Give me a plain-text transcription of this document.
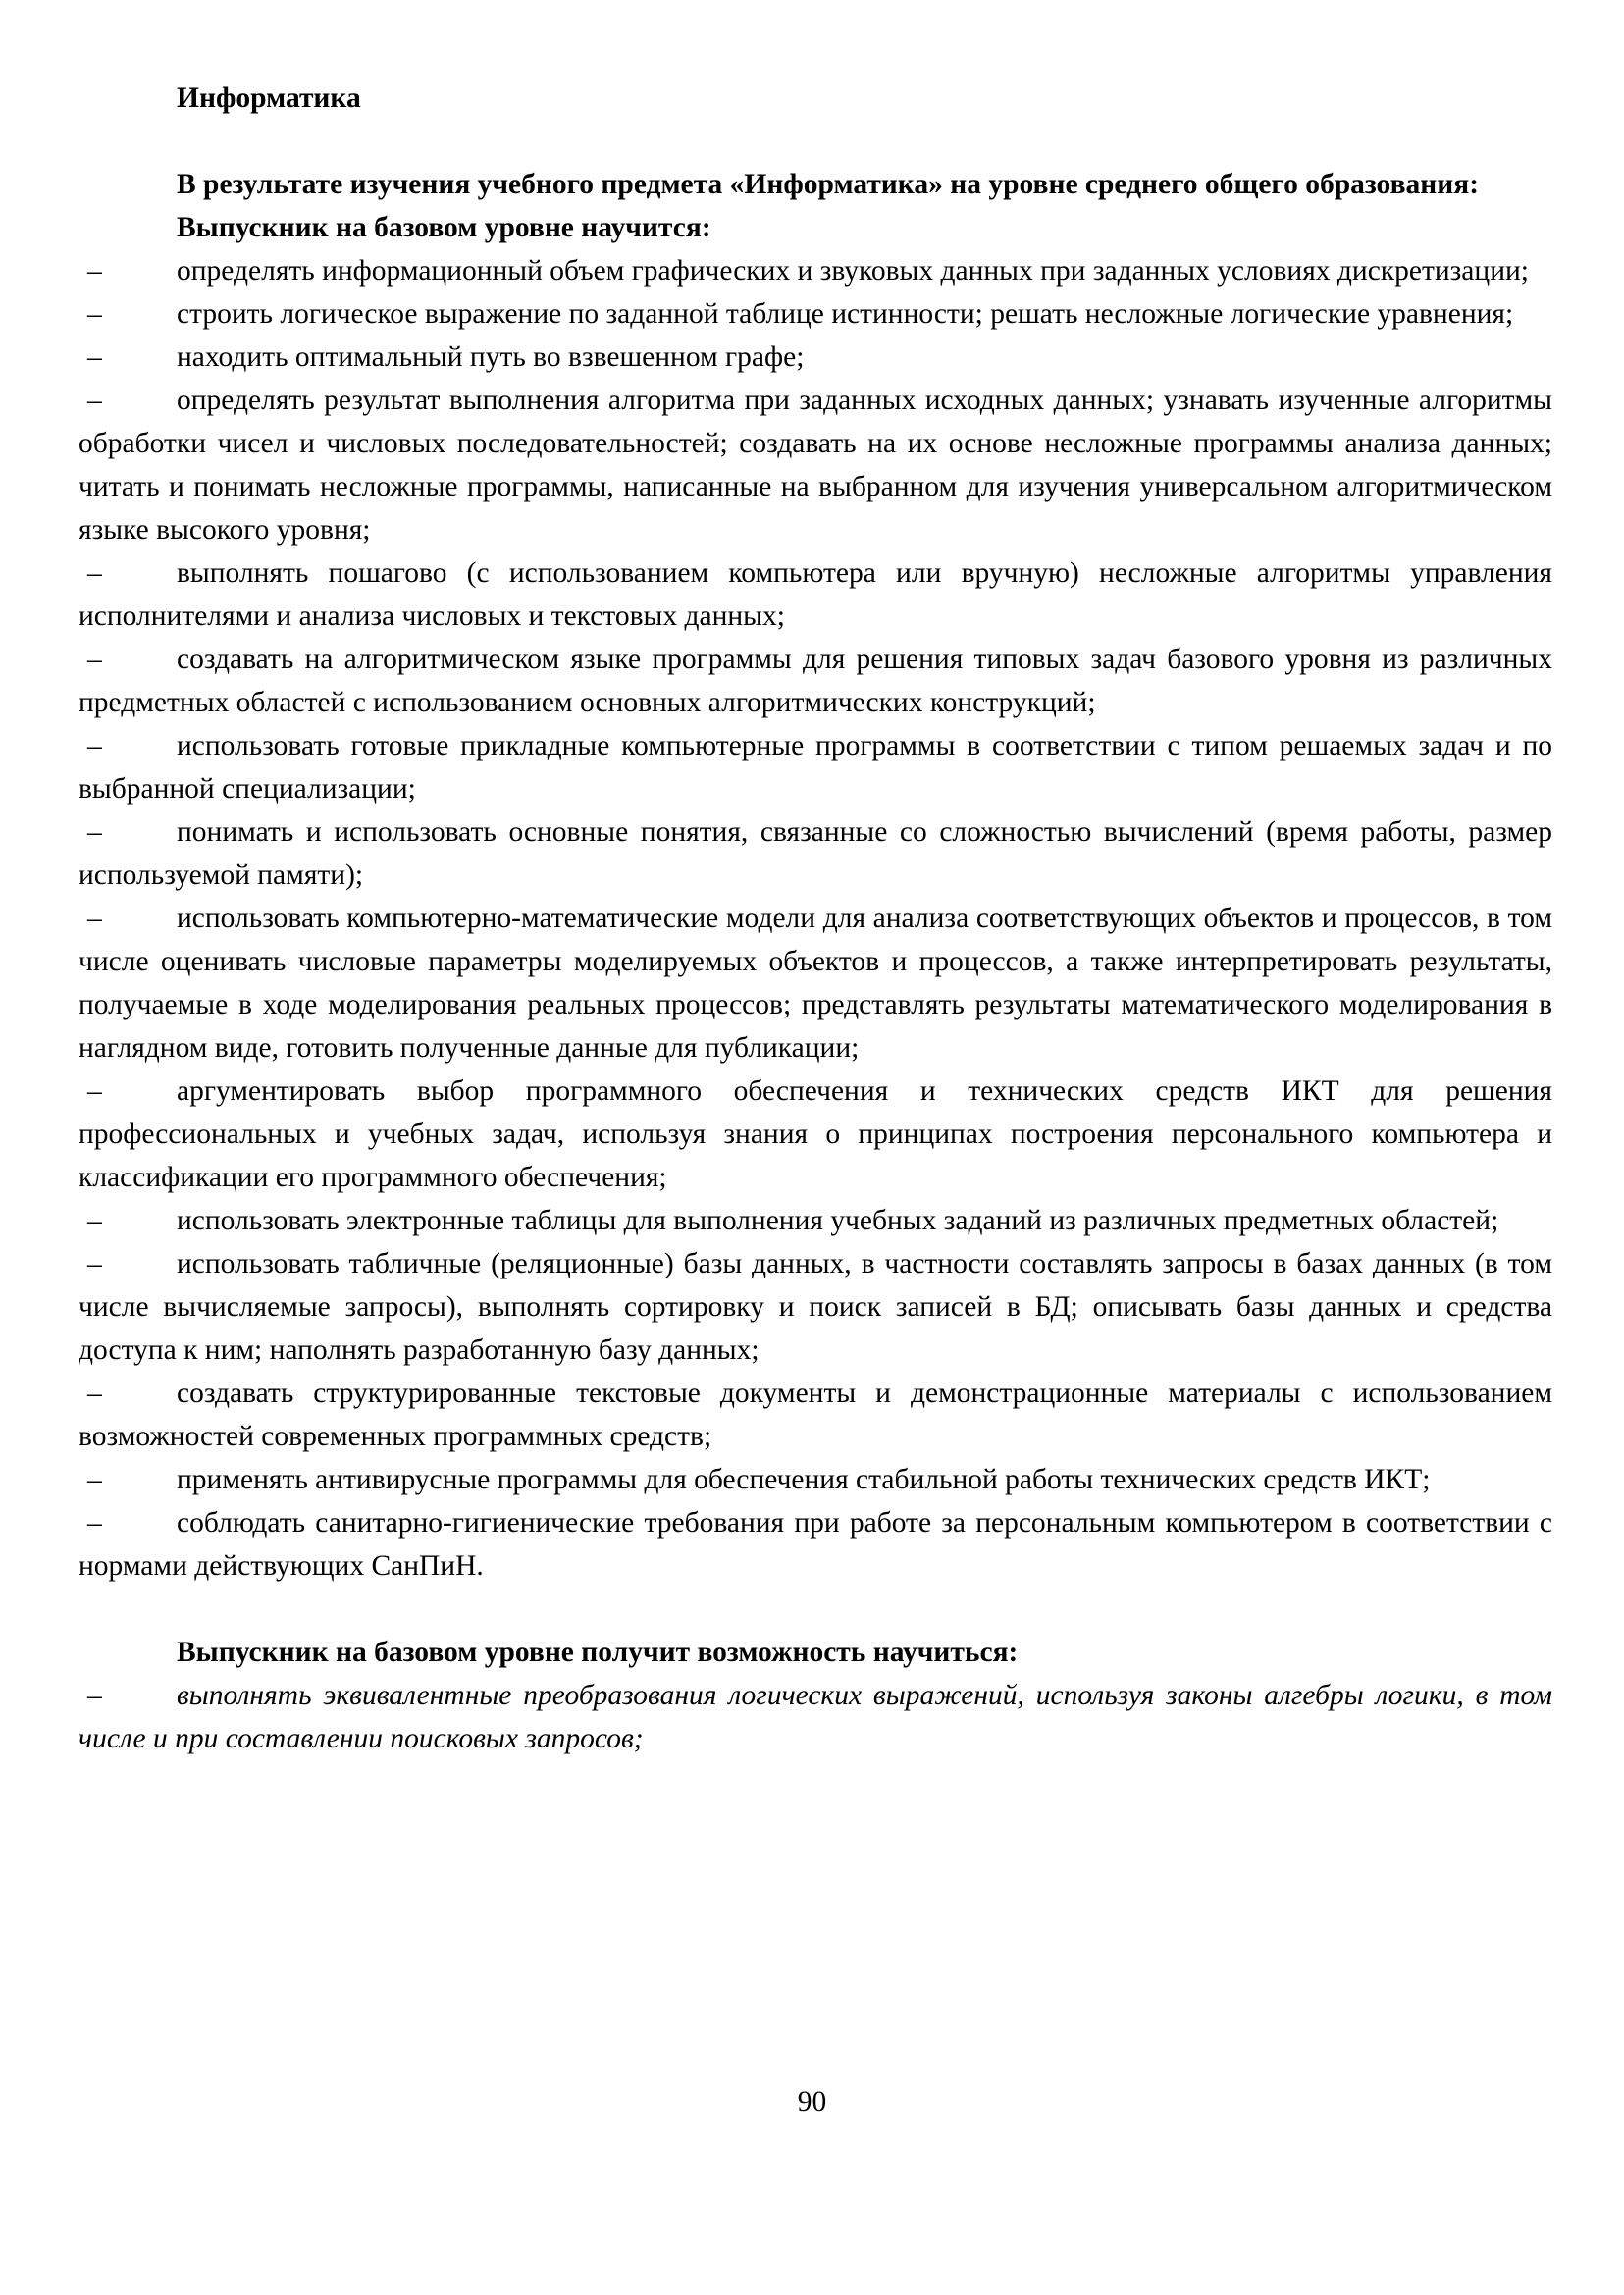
Информатика

В результате изучения учебного предмета «Информатика» на уровне среднего общего образования:

Выпускник на базовом уровне научится:

–	определять информационный объем графических и звуковых данных при заданных условиях дискретизации;

–	строить логическое выражение по заданной таблице истинности; решать несложные логические уравнения;

–	находить оптимальный путь во взвешенном графе;

–	определять результат выполнения алгоритма при заданных исходных данных; узнавать изученные алгоритмы обработки чисел и числовых последовательностей; создавать на их основе несложные программы анализа данных; читать и понимать несложные программы, написанные на выбранном для изучения универсальном алгоритмическом языке высокого уровня;

–	выполнять пошагово (с использованием компьютера или вручную) несложные алгоритмы управления исполнителями и анализа числовых и текстовых данных;

–	создавать на алгоритмическом языке программы для решения типовых задач базового уровня из различных предметных областей с использованием основных алгоритмических конструкций;

–	использовать готовые прикладные компьютерные программы в соответствии с типом решаемых задач и по выбранной специализации;

–	понимать и использовать основные понятия, связанные со сложностью вычислений (время работы, размер используемой памяти);

–	использовать компьютерно-математические модели для анализа соответствующих объектов и процессов, в том числе оценивать числовые параметры моделируемых объектов и процессов, а также интерпретировать результаты, получаемые в ходе моделирования реальных процессов; представлять результаты математического моделирования в наглядном виде, готовить полученные данные для публикации;

–	аргументировать выбор программного обеспечения и технических средств ИКТ для решения профессиональных и учебных задач, используя знания о принципах построения персонального компьютера и классификации его программного обеспечения;

–	использовать электронные таблицы для выполнения учебных заданий из различных предметных областей;

–	использовать табличные (реляционные) базы данных, в частности составлять запросы в базах данных (в том числе вычисляемые запросы), выполнять сортировку и поиск записей в БД; описывать базы данных и средства доступа к ним; наполнять разработанную базу данных;

–	создавать структурированные текстовые документы и демонстрационные материалы с использованием возможностей современных программных средств;

–	применять антивирусные программы для обеспечения стабильной работы технических средств ИКТ;

–	соблюдать санитарно-гигиенические требования при работе за персональным компьютером в соответствии с нормами действующих СанПиН.

Выпускник на базовом уровне получит возможность научиться:

–	выполнять эквивалентные преобразования логических выражений, используя законы алгебры логики, в том числе и при составлении поисковых запросов;

90
